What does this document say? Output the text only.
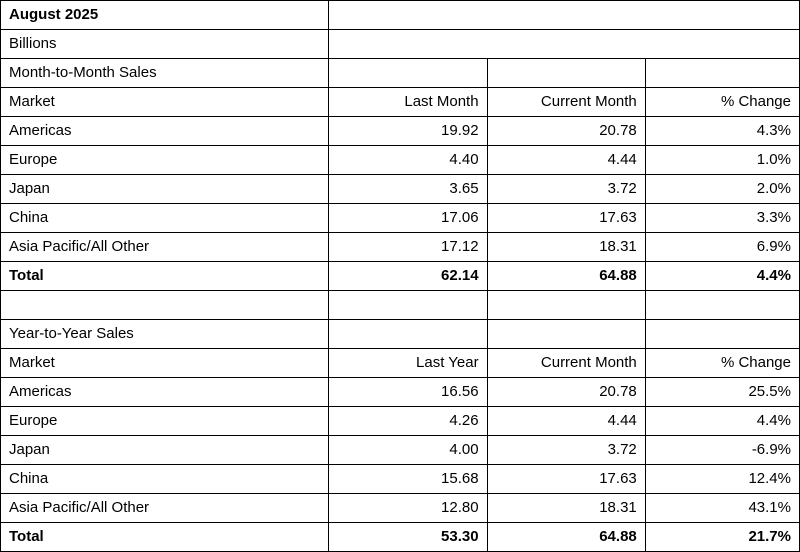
August 2025			
Billions			
Month-to-Month Sales			
Market	Last Month	Current Month	% Change
Americas	19.92	20.78	4.3%
Europe	4.40	4.44	1.0%
Japan	3.65	3.72	2.0%
China	17.06	17.63	3.3%
Asia Pacific/All Other	17.12	18.31	6.9%
Total	62.14	64.88	4.4%

Year-to-Year Sales			
Market	Last Year	Current Month	% Change
Americas	16.56	20.78	25.5%
Europe	4.26	4.44	4.4%
Japan	4.00	3.72	-6.9%
China	15.68	17.63	12.4%
Asia Pacific/All Other	12.80	18.31	43.1%
Total	53.30	64.88	21.7%
